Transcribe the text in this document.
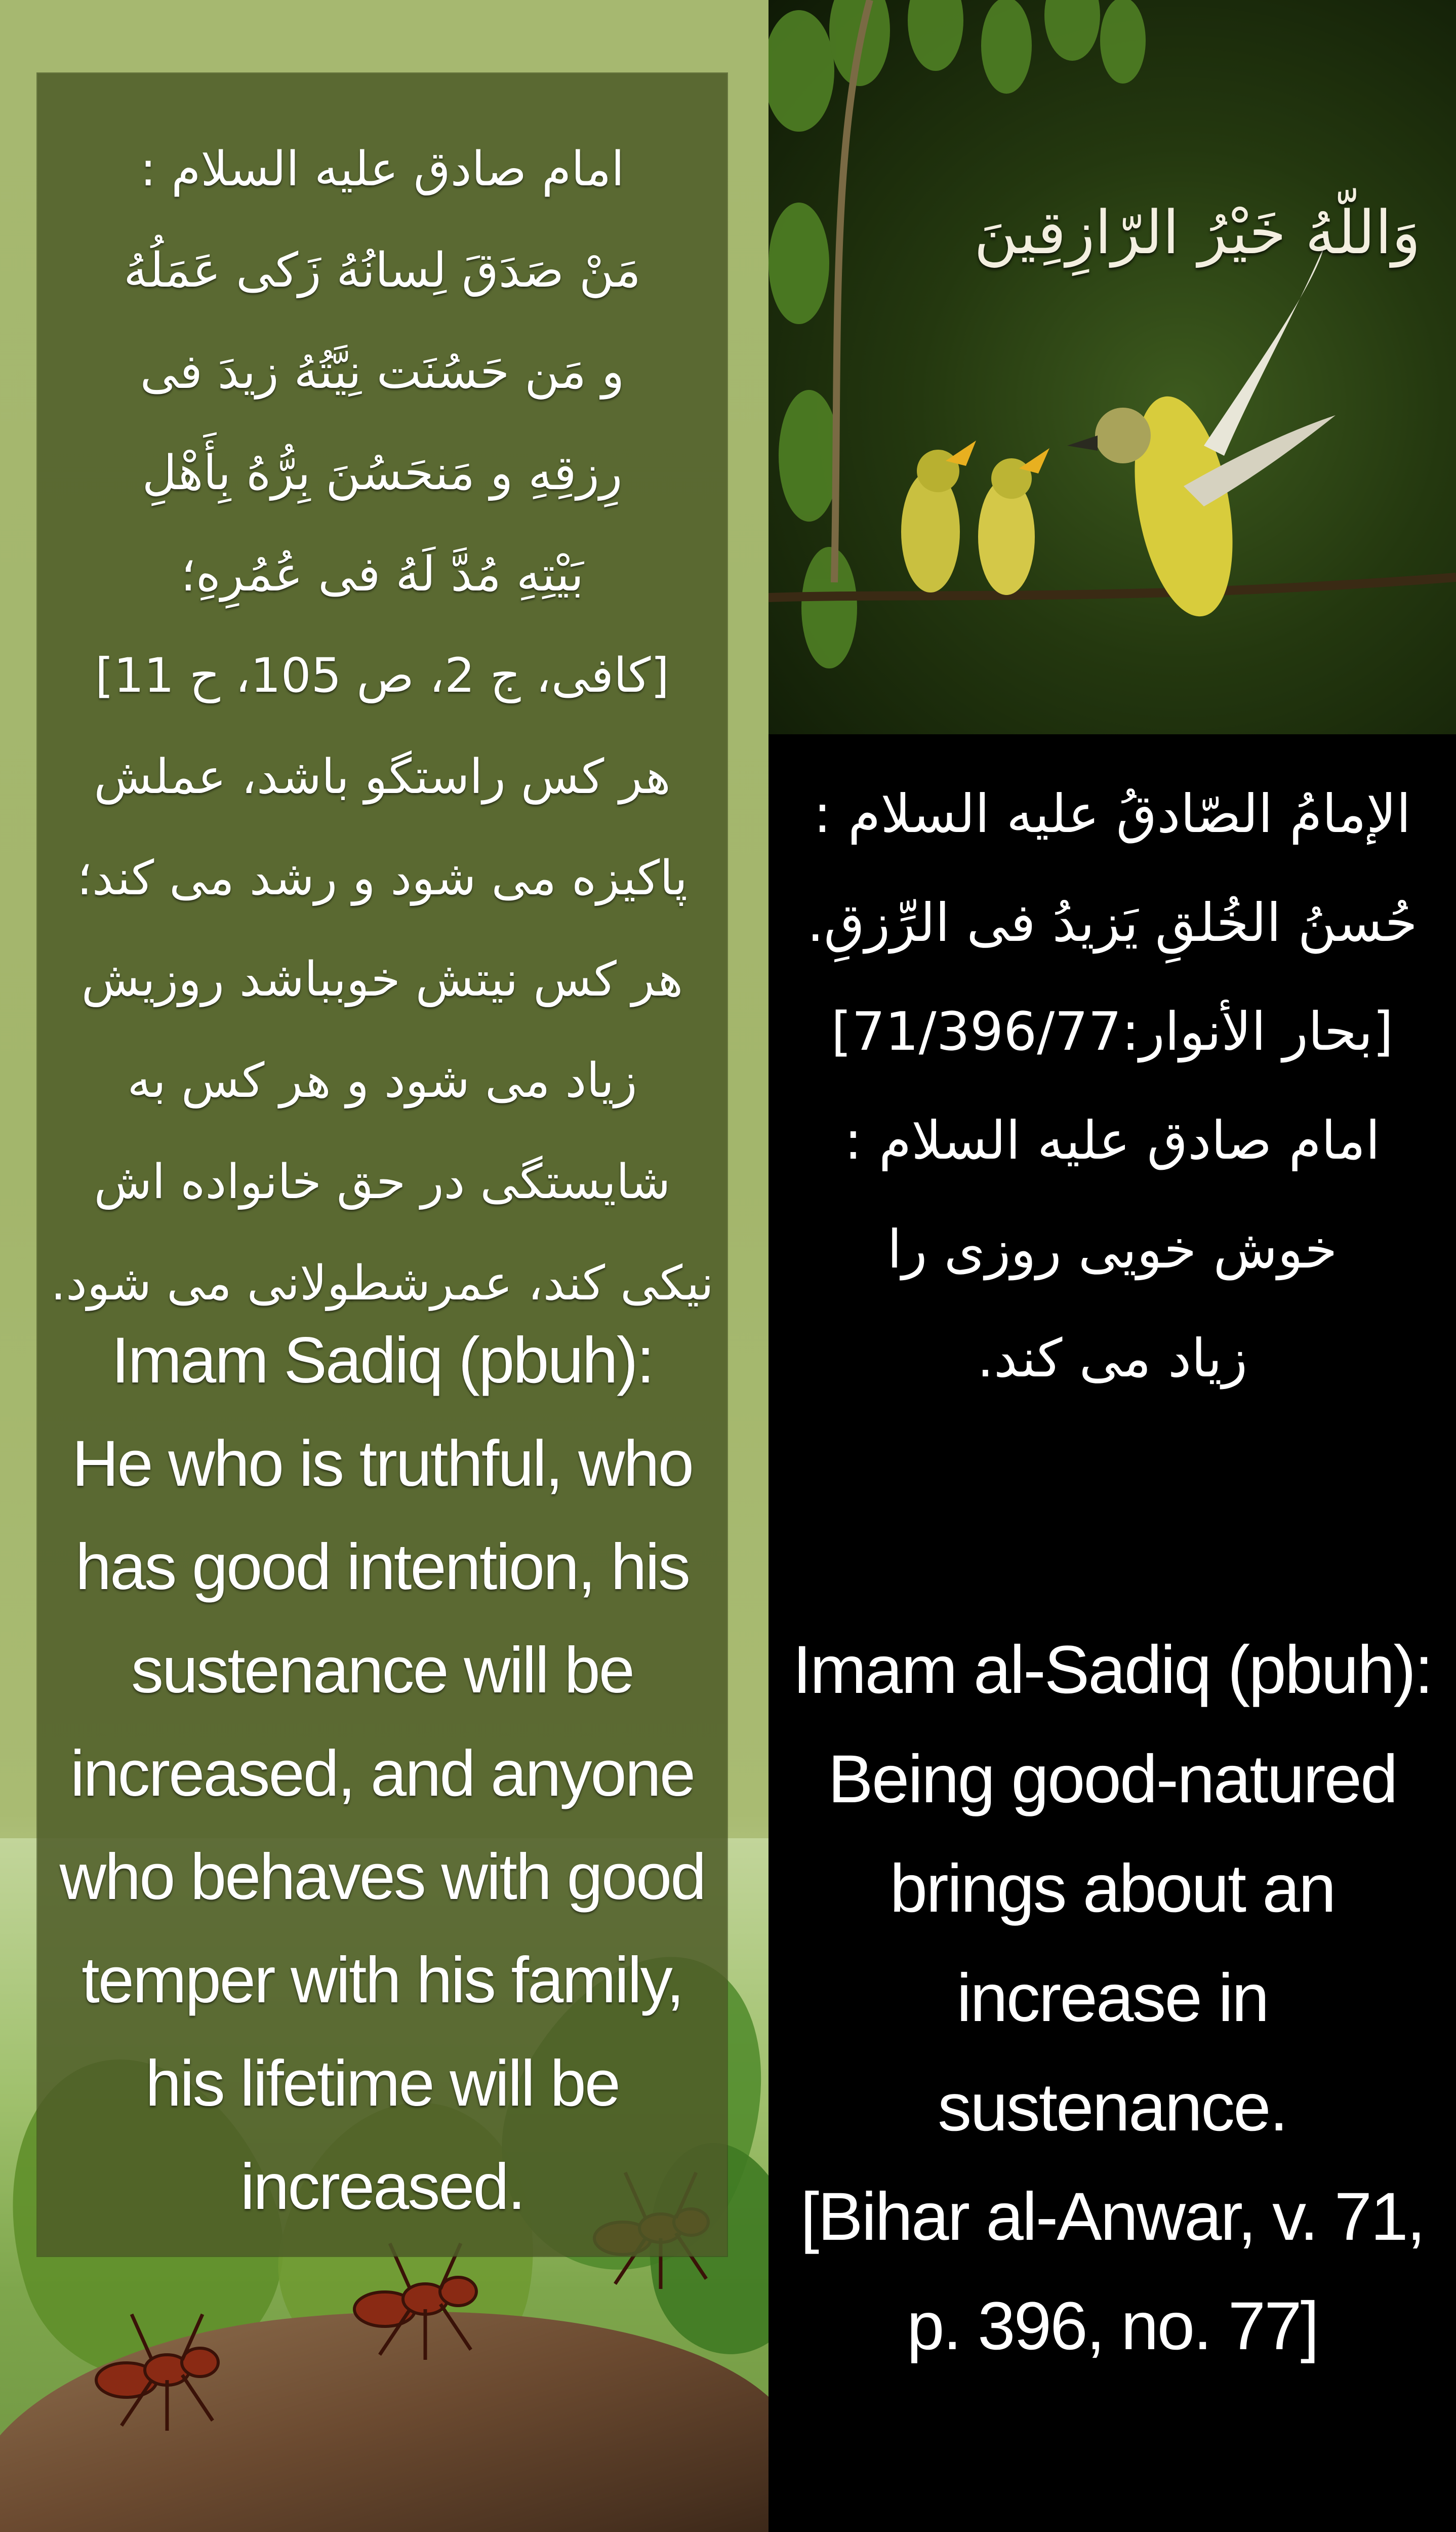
امام صادق علیه السلام :
مَنْ صَدَقَ لِسانُهُ زَکی عَمَلُهُ
و مَن حَسُنَت نِیَّتُهُ زیدَ فی
رِزقِهِ و مَنحَسُنَ بِرُّهُ بِأَهْلِ
بَیْتِهِ مُدَّ لَهُ فی عُمُرِهِ؛
[کافی، ج 2، ص 105، ح 11]
هر کس راستگو باشد، عملش
پاکیزه می شود و رشد می کند؛
هر کس نیتش خوبباشد روزیش
زیاد می شود و هر کس به
شایستگی در حق خانواده اش
نیکی کند، عمرشطولانی می شود.
Imam Sadiq (pbuh):
He who is truthful, who
has good intention, his
sustenance will be
increased, and anyone
who behaves with good
temper with his family,
his lifetime will be
increased.
وَاللّهُ خَیْرُ الرّازِقِینَ
الإمامُ الصّادقُ علیه السلام :
حُسنُ الخُلقِ یَزیدُ فی الرِّزقِ.
[بحار الأنوار:71/396/77]
امام صادق علیه السلام :
خوش خویی روزی را
زیاد می کند.
Imam al-Sadiq (pbuh):
Being good-natured
brings about an
increase in
sustenance.
[Bihar al-Anwar, v. 71,
p. 396, no. 77]
